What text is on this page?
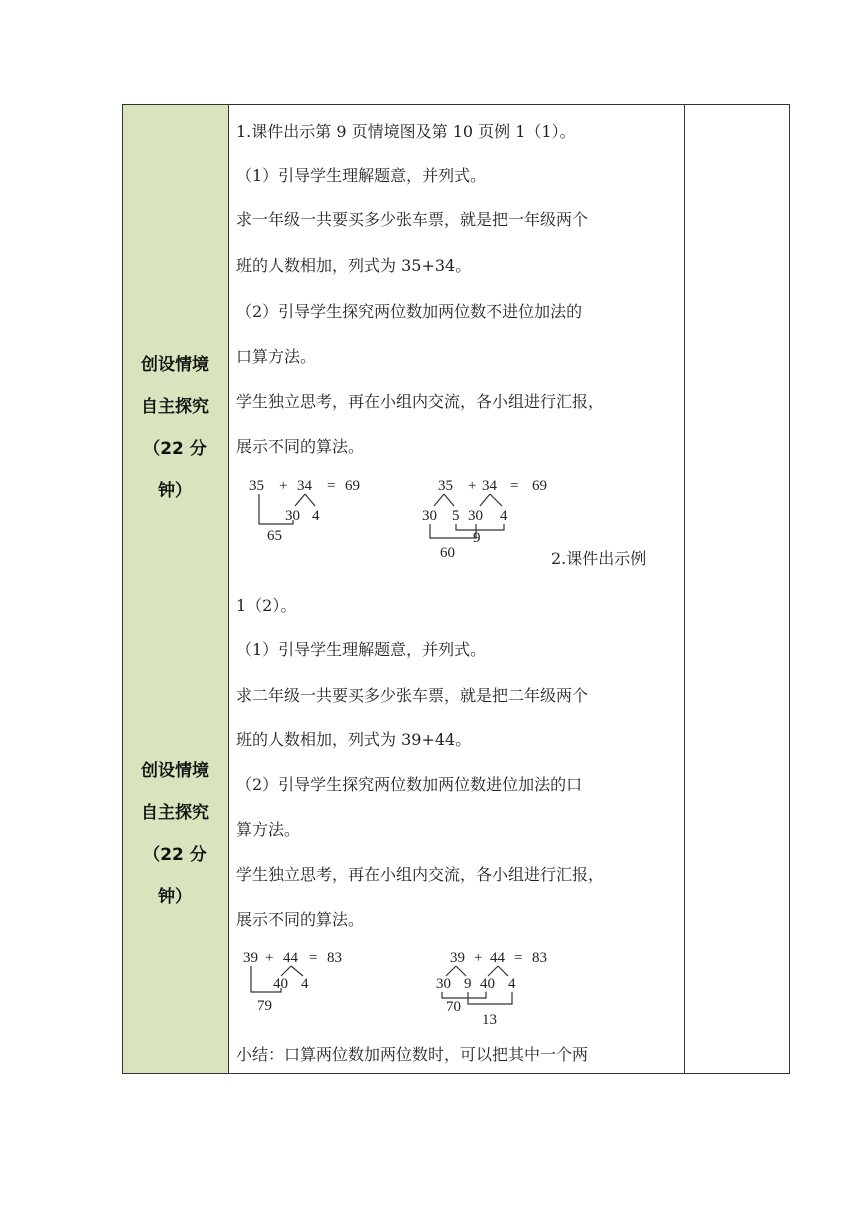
创设情境
自主探究
（22 分
钟）
创设情境
自主探究
（22 分
钟）
1.课件出示第 9 页情境图及第 10 页例 1（1）。
（1）引导学生理解题意，并列式。
求一年级一共要买多少张车票，就是把一年级两个
班的人数相加，列式为 35+34。
（2）引导学生探究两位数加两位数不进位加法的
口算方法。
学生独立思考，再在小组内交流，各小组进行汇报，
展示不同的算法。
35 + 34 = 69
30 4
65
35 + 34 = 69
30 5 30 4
60
9
2.课件出示例
1（2）。
（1）引导学生理解题意，并列式。
求二年级一共要买多少张车票，就是把二年级两个
班的人数相加，列式为 39+44。
（2）引导学生探究两位数加两位数进位加法的口
算方法。
学生独立思考，再在小组内交流，各小组进行汇报，
展示不同的算法。
39 + 44 = 83
40 4
79
39 + 44 = 83
30 9 40 4
70
13
小结：口算两位数加两位数时，可以把其中一个两
